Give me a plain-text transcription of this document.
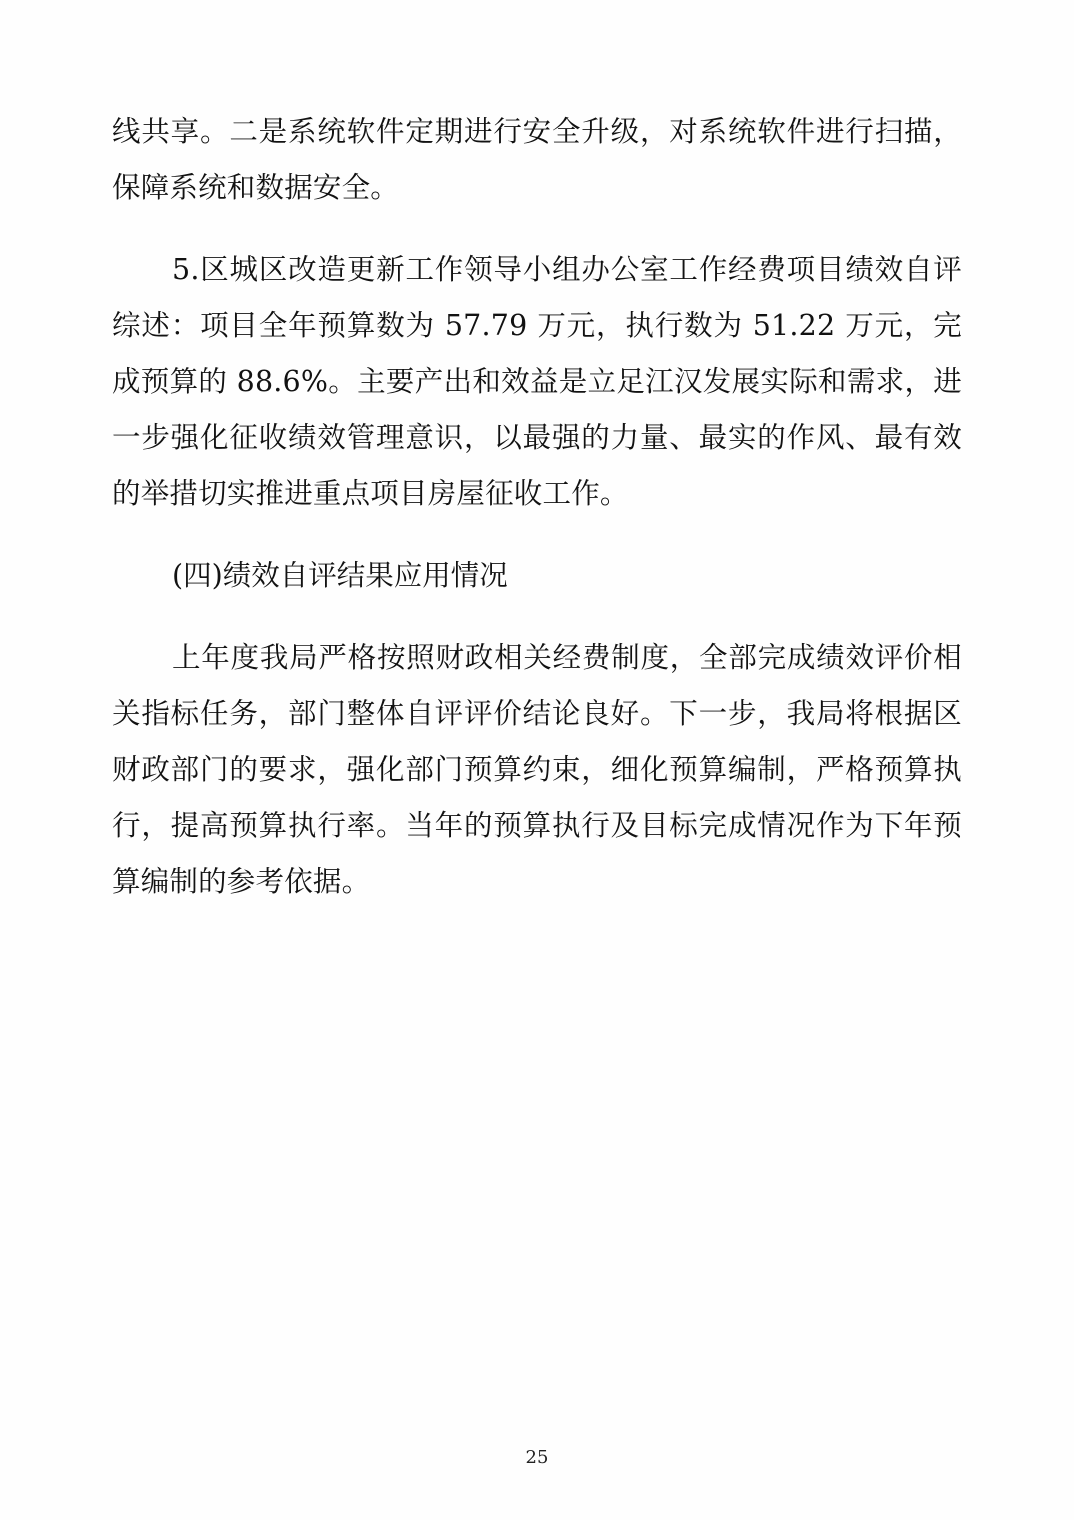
线共享。二是系统软件定期进行安全升级，对系统软件进行扫描，保障系统和数据安全。

5.区城区改造更新工作领导小组办公室工作经费项目绩效自评综述：项目全年预算数为 57.79 万元，执行数为 51.22 万元，完成预算的 88.6%。主要产出和效益是立足江汉发展实际和需求，进一步强化征收绩效管理意识，以最强的力量、最实的作风、最有效的举措切实推进重点项目房屋征收工作。

(四)绩效自评结果应用情况

上年度我局严格按照财政相关经费制度，全部完成绩效评价相关指标任务，部门整体自评评价结论良好。下一步，我局将根据区财政部门的要求，强化部门预算约束，细化预算编制，严格预算执行，提高预算执行率。当年的预算执行及目标完成情况作为下年预算编制的参考依据。

25
